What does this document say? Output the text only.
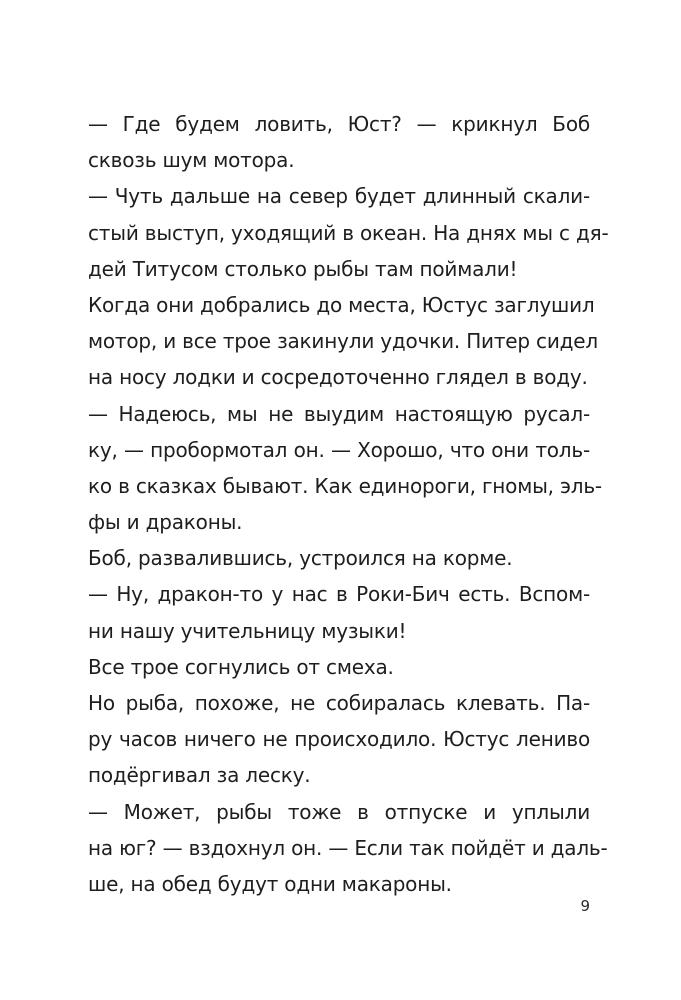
— Где будем ловить, Юст? — крикнул Боб
сквозь шум мотора.
— Чуть дальше на север будет длинный скали-
стый выступ, уходящий в океан. На днях мы с дя-
дей Титусом столько рыбы там поймали!
Когда они добрались до места, Юстус заглушил
мотор, и все трое закинули удочки. Питер сидел
на носу лодки и сосредоточенно глядел в воду.
— Надеюсь, мы не выудим настоящую русал-
ку, — пробормотал он. — Хорошо, что они толь-
ко в сказках бывают. Как единороги, гномы, эль-
фы и драконы.
Боб, развалившись, устроился на корме.
— Ну, дракон-то у нас в Роки-Бич есть. Вспом-
ни нашу учительницу музыки!
Все трое согнулись от смеха.
Но рыба, похоже, не собиралась клевать. Па-
ру часов ничего не происходило. Юстус лениво
подёргивал за леску.
— Может, рыбы тоже в отпуске и уплыли
на юг? — вздохнул он. — Если так пойдёт и даль-
ше, на обед будут одни макароны.
9
